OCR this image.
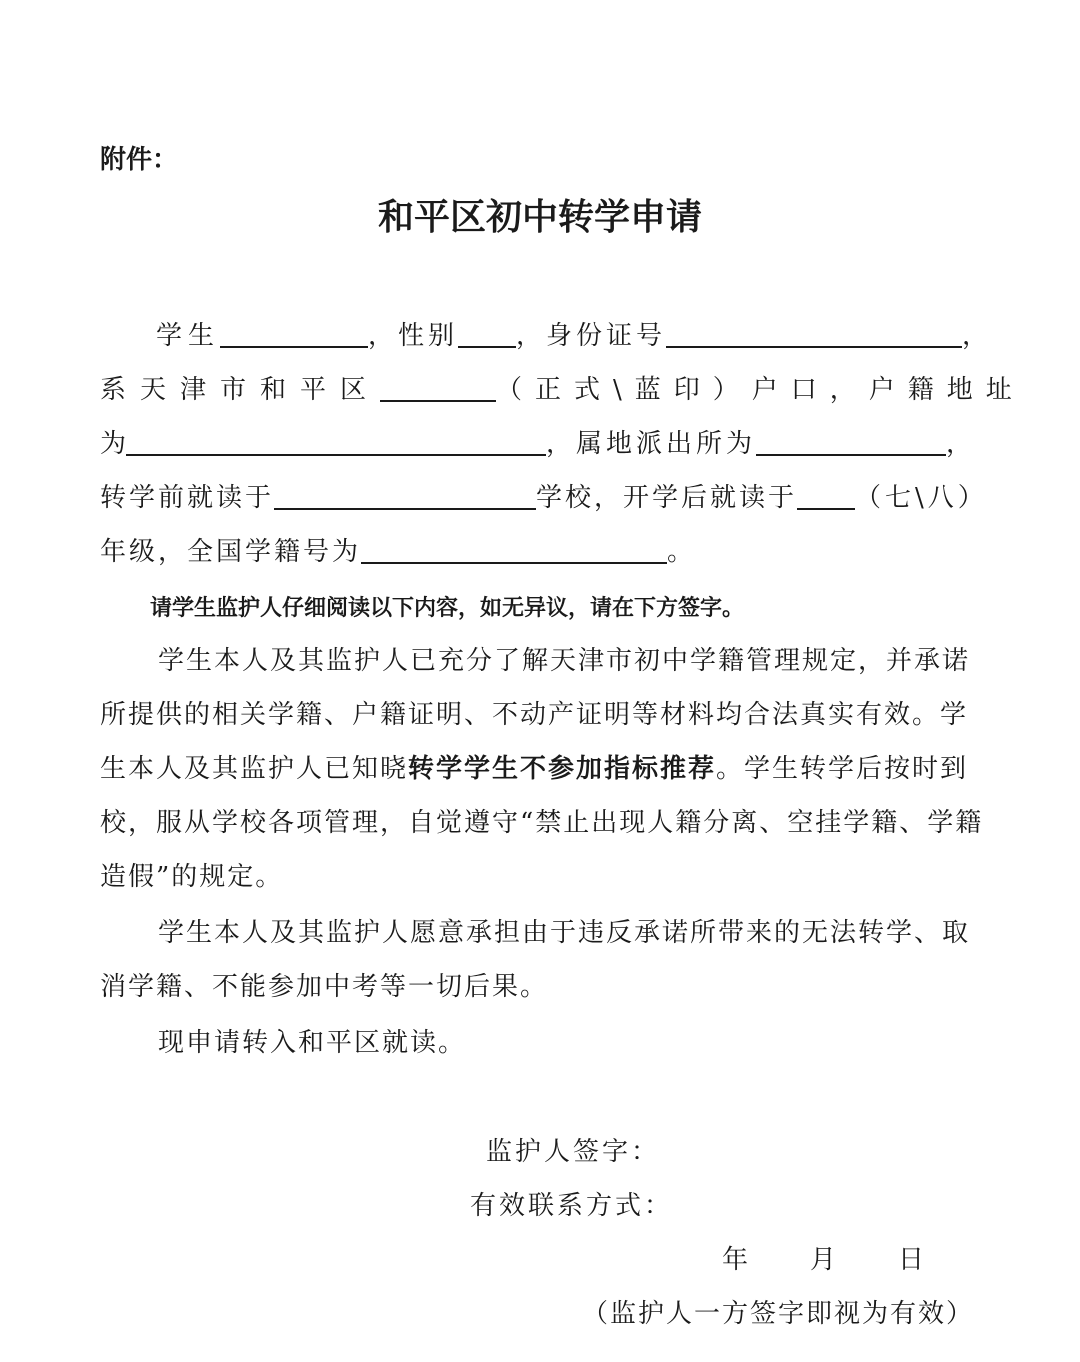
附件：
和平区初中转学申请
学生	，性别 ，身份证号	，
系天津市和平区	（正式\蓝印）户口，户籍地址
为	，属地派出所为	，
转学前就读于	学校，开学后就读于 （七\八）
年级，全国学籍号为	。
请学生监护人仔细阅读以下内容，如无异议，请在下方签字。
学生本人及其监护人已充分了解天津市初中学籍管理规定，并承诺所提供的相关学籍、户籍证明、不动产证明等材料均合法真实有效。学生本人及其监护人已知晓转学学生不参加指标推荐。学生转学后按时到校，服从学校各项管理，自觉遵守“禁止出现人籍分离、空挂学籍、学籍造假”的规定。
学生本人及其监护人愿意承担由于违反承诺所带来的无法转学、取消学籍、不能参加中考等一切后果。
现申请转入和平区就读。
监护人签字：
有效联系方式：
年 月 日
（监护人一方签字即视为有效）
